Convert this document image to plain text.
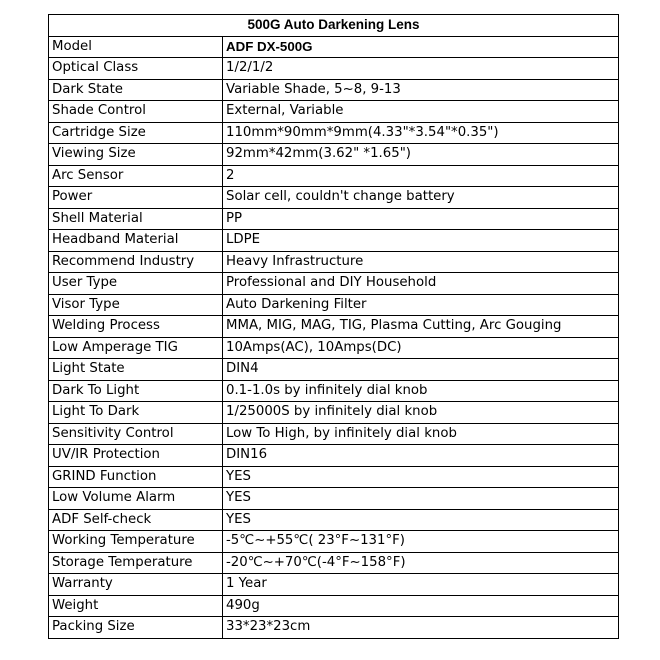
500G Auto Darkening Lens	
Model	ADF DX-500G
Optical Class	1/2/1/2
Dark State	Variable Shade, 5~8, 9-13
Shade Control	External, Variable
Cartridge Size	110mm*90mm*9mm(4.33"*3.54"*0.35")
Viewing Size	92mm*42mm(3.62" *1.65")
Arc Sensor	2
Power	Solar cell, couldn't change battery
Shell Material	PP
Headband Material	LDPE
Recommend Industry	Heavy Infrastructure
User Type	Professional and DIY Household
Visor Type	Auto Darkening Filter
Welding Process	MMA, MIG, MAG, TIG, Plasma Cutting, Arc Gouging
Low Amperage TIG	10Amps(AC), 10Amps(DC)
Light State	DIN4
Dark To Light	0.1-1.0s by infinitely dial knob
Light To Dark	1/25000S by infinitely dial knob
Sensitivity Control	Low To High, by infinitely dial knob
UV/IR Protection	DIN16
GRIND Function	YES
Low Volume Alarm	YES
ADF Self-check	YES
Working Temperature	-5℃~+55℃( 23°F~131°F)
Storage Temperature	-20℃~+70℃(-4°F~158°F)
Warranty	1 Year
Weight	490g
Packing Size	33*23*23cm
